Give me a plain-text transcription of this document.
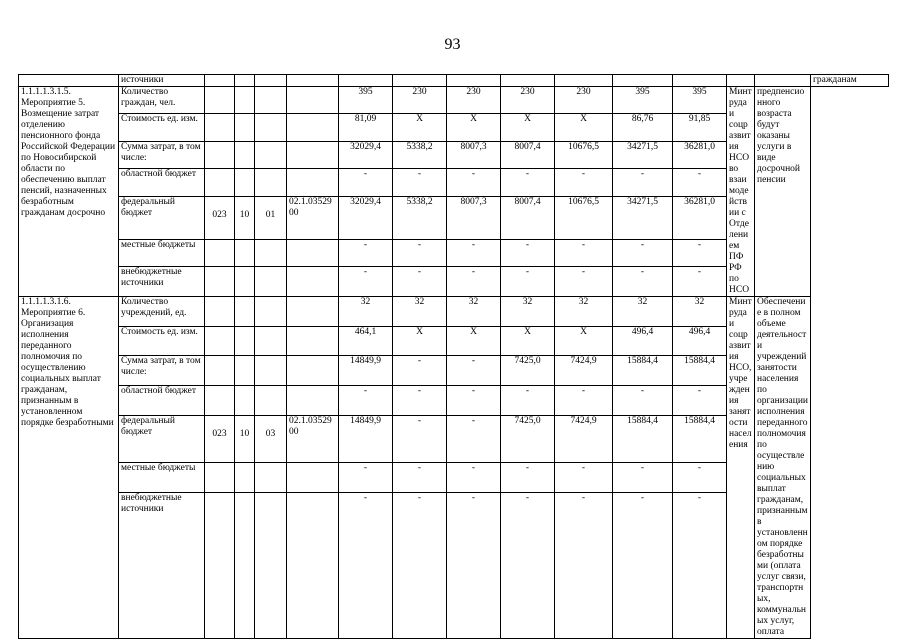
93
	источники														гражданам
1.1.1.1.3.1.5. Мероприятие 5. Возмещение затрат отделению пенсионного фонда Российской Федерации по Новосибирской области по обеспечению выплат пенсий, назначенных безработным гражданам досрочно	Количество граждан, чел.					395	230	230	230	230	395	395	Минтруда и соцразвития НСО во взаимодействии с Отделением ПФ РФ по НСО	предпенсионного возраста будут оказаны услуги в виде досрочной пенсии	
	Стоимость ед. изм.					81,09	X	X	X	X	86,76	91,85			
	Сумма затрат, в том числе:					32029,4	5338,2	8007,3	8007,4	10676,5	34271,5	36281,0			
	областной бюджет					-	-	-	-	-	-	-			
	федеральный бюджет	023	10	01	02.1.0352900	32029,4	5338,2	8007,3	8007,4	10676,5	34271,5	36281,0			
	местные бюджеты					-	-	-	-	-	-	-			
	внебюджетные источники					-	-	-	-	-	-	-			
1.1.1.1.3.1.6. Мероприятие 6. Организация исполнения переданного полномочия по осуществлению социальных выплат гражданам, признанным в установленном порядке безработными	Количество учреждений, ед.					32	32	32	32	32	32	32	Минтруда и соцразвития НСО, учреждения занятости населения	Обеспечение в полном объеме деятельности учреждений занятости населения по организации исполнения переданного полномочия по осуществлению социальных выплат гражданам, признанным в установленном порядке безработными (оплата услуг связи, транспортных, коммунальных услуг, оплата	
	Стоимость ед. изм.					464,1	X	X	X	X	496,4	496,4			
	Сумма затрат, в том числе:					14849,9	-	-	7425,0	7424,9	15884,4	15884,4			
	областной бюджет					-	-	-	-	-	-	-			
	федеральный бюджет	023	10	03	02.1.0352900	14849,9	-	-	7425,0	7424,9	15884,4	15884,4			
	местные бюджеты					-	-	-	-	-	-	-			
	внебюджетные источники					-	-	-	-	-	-	-			
